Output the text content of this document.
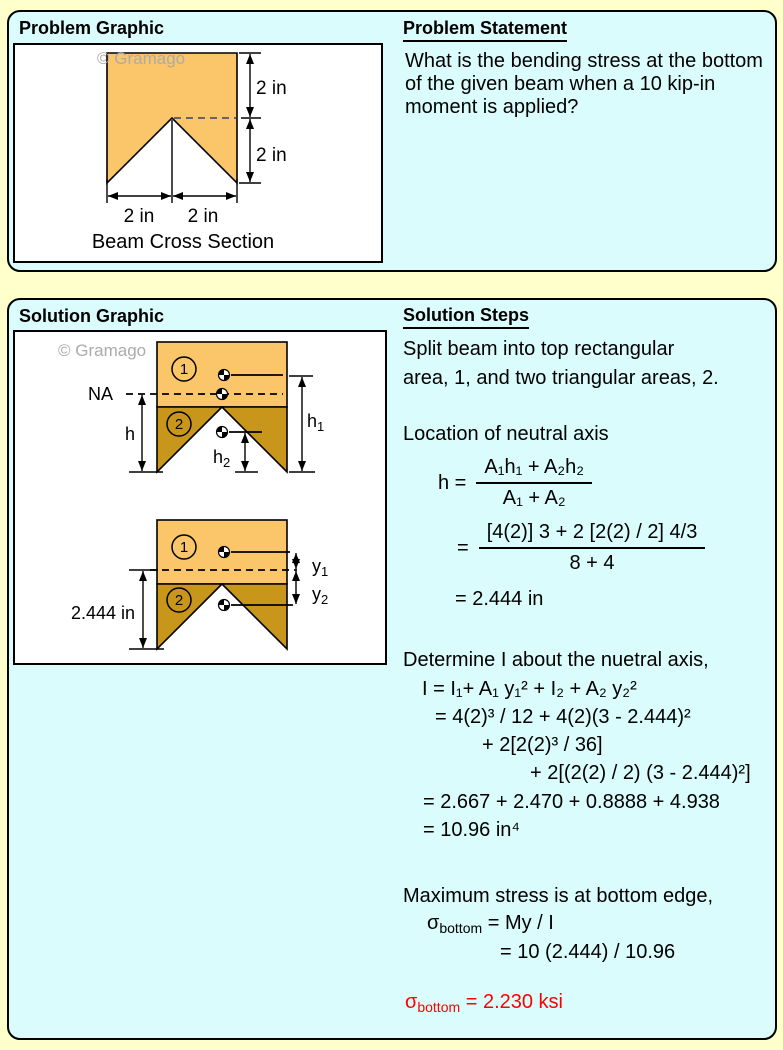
Problem Graphic
© Gramago
2 in
2 in
2 in 2 in
Beam Cross Section
Problem Statement
What is the bending stress at the bottom of the given beam when a 10 kip-in moment is applied?
Solution Graphic
© Gramago
NA
1
2
h
$h_1$
$h_2$
1
2
$y_1$
$y_2$
2.444 in
Solution Steps
Split beam into top rectangular
area, 1, and two triangular areas, 2.
Location of neutral axis
$h = \frac{\text{A₁h₁ + A₂h₂}}{\text{A₁ + A₂}}$
= $\frac{[4(2)] 3 + 2 [2(2) / 2] 4/3}{8 + 4}$
= 2.444 in
Determine I about the nuetral axis,
I = I₁+ A₁ y₁² + I₂ + A₂ y₂²
= 4(2)³ / 12 + 4(2)(3 - 2.444)²
+ 2[2(2)³ / 36]
+ 2[(2(2) / 2) (3 - 2.444)²]
= 2.667 + 2.470 + 0.8888 + 4.938
= 10.96 in⁴
Maximum stress is at bottom edge,
$\sigma_{bottom} = My / I$
= 10 (2.444) / 10.96
$\sigma_{bottom} = 2.230$ ksi
